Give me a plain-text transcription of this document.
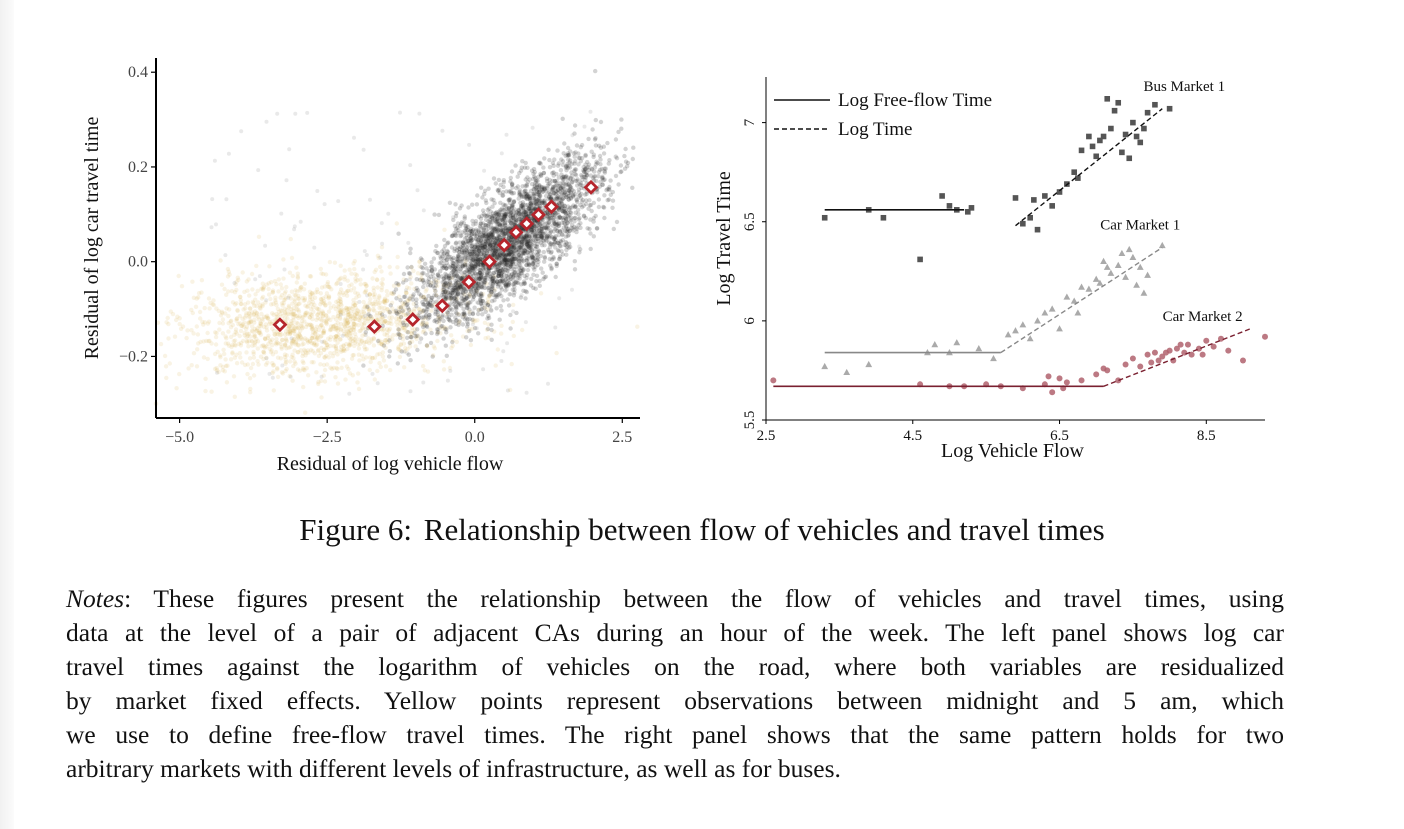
−5.0	−2.5	0.0	2.5
−0.2
0.0
0.2
0.4
Residual of log vehicle flow
Residual of log car travel time
Bus Market 1
Car Market 1
Car Market 2
2.5	4.5	6.5	8.5
5.5
6
6.5
7
Log Vehicle Flow
Log Travel Time
Log Free-flow Time
Log Time
Figure 6: Relationship between flow of vehicles and travel times
Notes: These figures present the relationship between the flow of vehicles and travel times, using
data at the level of a pair of adjacent CAs during an hour of the week. The left panel shows log car
travel times against the logarithm of vehicles on the road, where both variables are residualized
by market fixed effects. Yellow points represent observations between midnight and 5 am, which
we use to define free-flow travel times. The right panel shows that the same pattern holds for two
arbitrary markets with different levels of infrastructure, as well as for buses.
